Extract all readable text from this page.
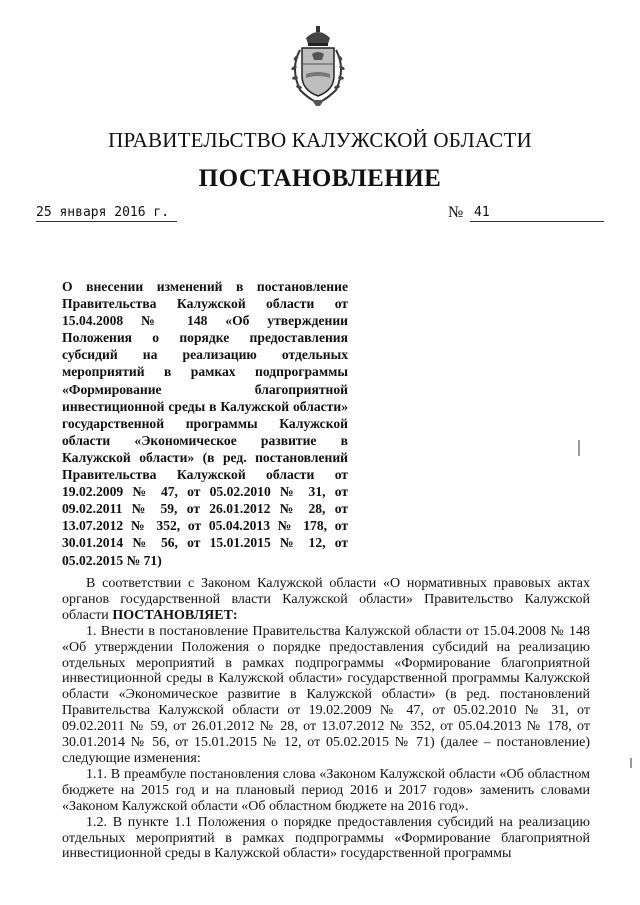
ПРАВИТЕЛЬСТВО КАЛУЖСКОЙ ОБЛАСТИ
ПОСТАНОВЛЕНИЕ
25 января 2016 г.	№ 41
О внесении изменений в постановление Правительства Калужской области от 15.04.2008 № 148 «Об утверждении Положения о порядке предоставления субсидий на реализацию отдельных мероприятий в рамках подпрограммы «Формирование благоприятной инвестиционной среды в Калужской области» государственной программы Калужской области «Экономическое развитие в Калужской области» (в ред. постановлений Правительства Калужской области от 19.02.2009 № 47, от 05.02.2010 № 31, от 09.02.2011 № 59, от 26.01.2012 № 28, от 13.07.2012 № 352, от 05.04.2013 № 178, от 30.01.2014 № 56, от 15.01.2015 № 12, от 05.02.2015 № 71)

В соответствии с Законом Калужской области «О нормативных правовых актах органов государственной власти Калужской области» Правительство Калужской области ПОСТАНОВЛЯЕТ:

1. Внести в постановление Правительства Калужской области от 15.04.2008 № 148 «Об утверждении Положения о порядке предоставления субсидий на реализацию отдельных мероприятий в рамках подпрограммы «Формирование благоприятной инвестиционной среды в Калужской области» государственной программы Калужской области «Экономическое развитие в Калужской области» (в ред. постановлений Правительства Калужской области от 19.02.2009 № 47, от 05.02.2010 № 31, от 09.02.2011 № 59, от 26.01.2012 № 28, от 13.07.2012 № 352, от 05.04.2013 № 178, от 30.01.2014 № 56, от 15.01.2015 № 12, от 05.02.2015 № 71) (далее – постановление) следующие изменения:

1.1. В преамбуле постановления слова «Законом Калужской области «Об областном бюджете на 2015 год и на плановый период 2016 и 2017 годов» заменить словами «Законом Калужской области «Об областном бюджете на 2016 год».

1.2. В пункте 1.1 Положения о порядке предоставления субсидий на реализацию отдельных мероприятий в рамках подпрограммы «Формирование благоприятной инвестиционной среды в Калужской области» государственной программы
